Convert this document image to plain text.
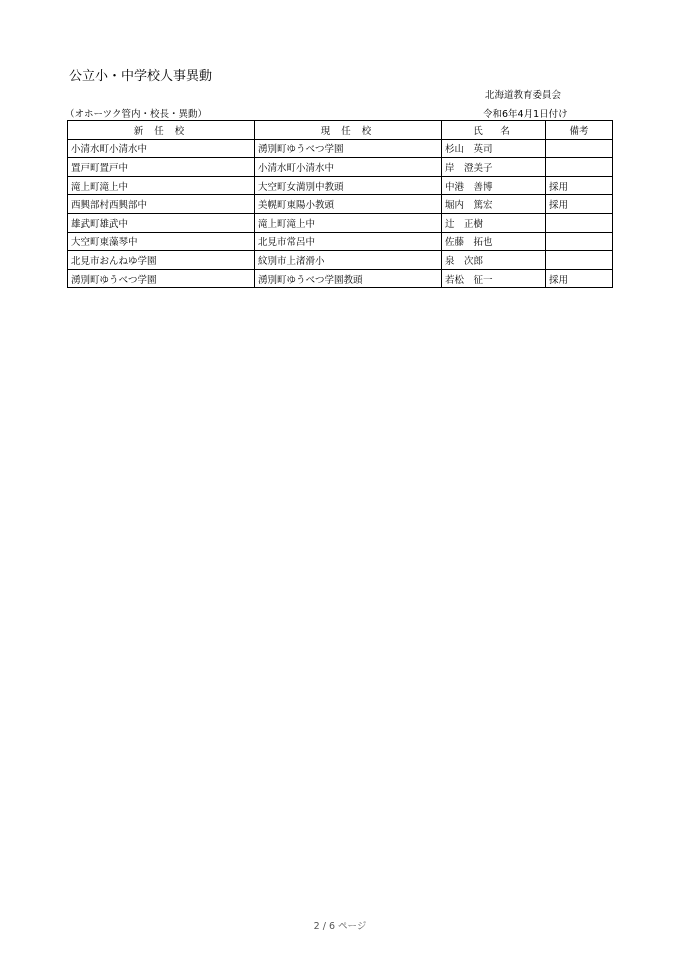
公立小・中学校人事異動
北海道教育委員会
（オホーツク管内・校長・異動）	令和6年4月1日付け
新 任 校	現 任 校	氏　名	備考
小清水町小清水中	湧別町ゆうべつ学園	杉山　英司	
置戸町置戸中	小清水町小清水中	岸　澄美子	
滝上町滝上中	大空町女満別中教頭	中港　善博	採用
西興部村西興部中	美幌町東陽小教頭	堀内　篤宏	採用
雄武町雄武中	滝上町滝上中	辻　正樹	
大空町東藻琴中	北見市常呂中	佐藤　拓也	
北見市おんねゆ学園	紋別市上渚滑小	泉　次郎	
湧別町ゆうべつ学園	湧別町ゆうべつ学園教頭	若松　征一	採用
2 / 6 ページ
